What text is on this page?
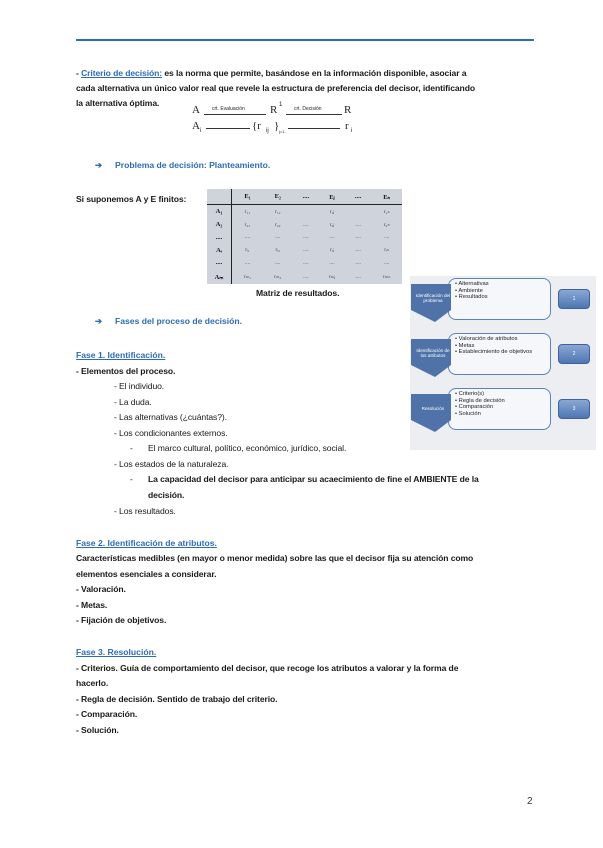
- Criterio de decisión: es la norma que permite, basándose en la información disponible, asociar a
cada alternativa un único valor real que revele la estructura de preferencia del decisor, identificando
la alternativa óptima.
A crt. Evaluación R 1
crt. Decisión R
A i	{r ij } j=1..	r i
➔ Problema de decisión: Planteamiento.
Si suponemos A y E finitos:
		E₁	E₂	....	Eⱼ	....	Eₙ
A₁	r₁₁	r₁₂		r₁ⱼ		r₁ₙ
A₂	r₂₁	r₂₂	....	r₂ⱼ	....	r₂ₙ
....	....	....	....	....	....	....
Aᵢ	rᵢ₁	rᵢ₂	....	rᵢⱼ	....	rᵢₙ
....	....	....	....	....	....	....
Aₘ	rₘ₁	rₘ₂	....	rₘⱼ	....	rₘₙ
Matriz de resultados.
• Alternativas
• Ambiente
• Resultados
Identificación del problema	1
• Valoración de atributos
• Metas
• Establecimiento de objetivos
Identificación de los atributos	2
• Criterio(s)
• Regla de decisión
• Comparación
• Solución
Resolución	3
➔ Fases del proceso de decisión.
Fase 1. Identificación.
- Elementos del proceso.
- El individuo.
- La duda.
- Las alternativas (¿cuántas?).
- Los condicionantes externos.
- El marco cultural, político, económico, jurídico, social.
- Los estados de la naturaleza.
- La capacidad del decisor para anticipar su acaecimiento de fine el AMBIENTE de la
decisión.
- Los resultados.
Fase 2. Identificación de atributos.
Características medibles (en mayor o menor medida) sobre las que el decisor fija su atención como
elementos esenciales a considerar.
- Valoración.
- Metas.
- Fijación de objetivos.
Fase 3. Resolución.
- Criterios. Guía de comportamiento del decisor, que recoge los atributos a valorar y la forma de
hacerlo.
- Regla de decisión. Sentido de trabajo del criterio.
- Comparación.
- Solución.
2
